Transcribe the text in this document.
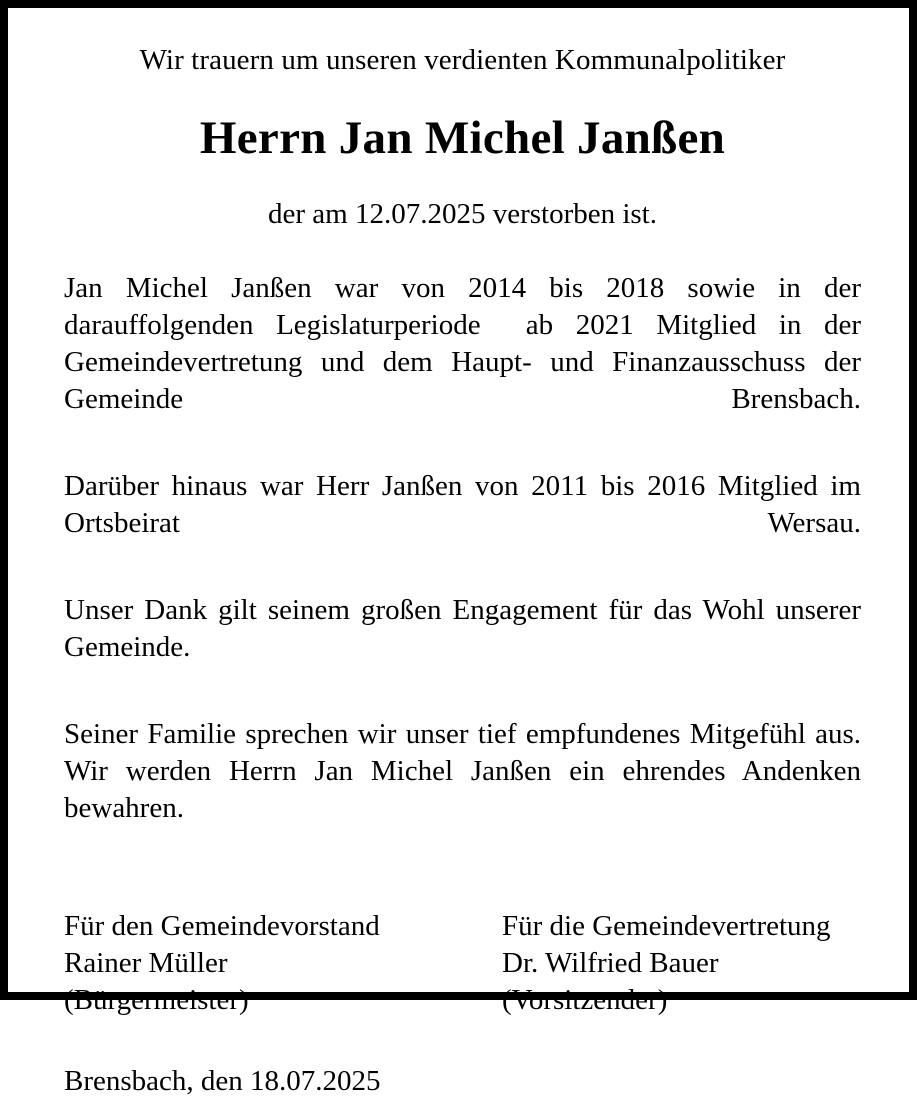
Wir trauern um unseren verdienten Kommunalpolitiker

Herrn Jan Michel Janßen

der am 12.07.2025 verstorben ist.

Jan Michel Janßen war von 2014 bis 2018 sowie in der darauffolgenden Legislaturperiode  ab 2021 Mitglied in der Gemeindevertretung und dem Haupt- und Finanzausschuss der Gemeinde Brensbach.

Darüber hinaus war Herr Janßen von 2011 bis 2016 Mitglied im Ortsbeirat Wersau.

Unser Dank gilt seinem großen Engagement für das Wohl unserer Gemeinde.

Seiner Familie sprechen wir unser tief empfundenes Mitgefühl aus. Wir werden Herrn Jan Michel Janßen ein ehrendes Andenken bewahren.

Für den Gemeindevorstand
Rainer Müller
(Bürgermeister)
Für die Gemeindevertretung
Dr. Wilfried Bauer
(Vorsitzender)
Brensbach, den 18.07.2025
